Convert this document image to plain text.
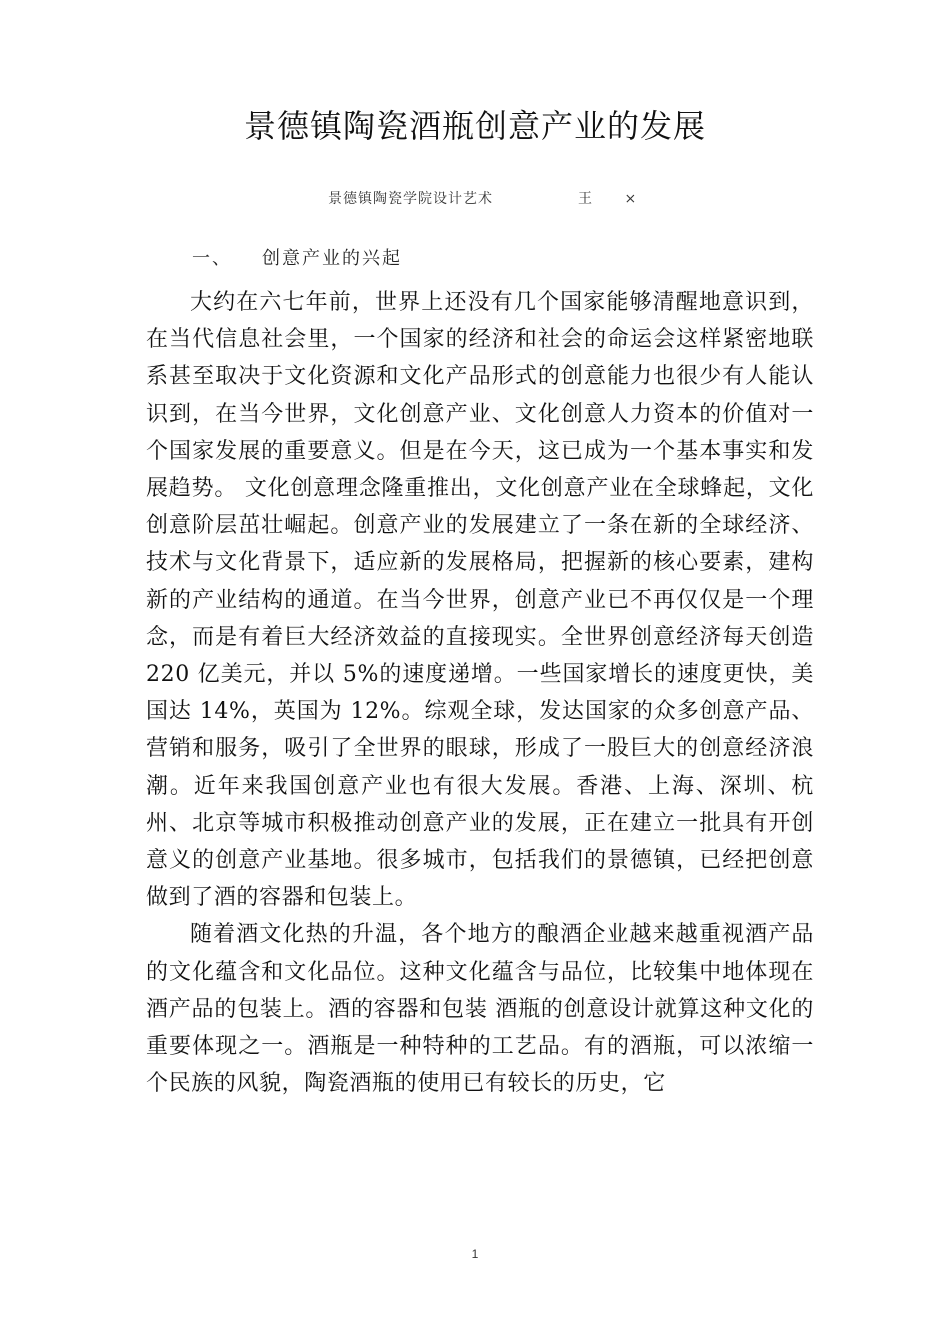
景德镇陶瓷酒瓶创意产业的发展
景德镇陶瓷学院设计艺术	王 ×
一、 创意产业的兴起

大约在六七年前，世界上还没有几个国家能够清醒地意识到，在当代信息社会里，一个国家的经济和社会的命运会这样紧密地联系甚至取决于文化资源和文化产品形式的创意能力也很少有人能认识到，在当今世界，文化创意产业、文化创意人力资本的价值对一个国家发展的重要意义。但是在今天，这已成为一个基本事实和发展趋势。 文化创意理念隆重推出，文化创意产业在全球蜂起，文化创意阶层茁壮崛起。创意产业的发展建立了一条在新的全球经济、技术与文化背景下，适应新的发展格局，把握新的核心要素，建构新的产业结构的通道。在当今世界，创意产业已不再仅仅是一个理念，而是有着巨大经济效益的直接现实。全世界创意经济每天创造 220 亿美元，并以 5%的速度递增。一些国家增长的速度更快，美国达 14%，英国为 12%。综观全球，发达国家的众多创意产品、营销和服务，吸引了全世界的眼球，形成了一股巨大的创意经济浪潮。近年来我国创意产业也有很大发展。香港、上海、深圳、杭州、北京等城市积极推动创意产业的发展，正在建立一批具有开创意义的创意产业基地。很多城市，包括我们的景德镇，已经把创意做到了酒的容器和包装上。

随着酒文化热的升温，各个地方的酿酒企业越来越重视酒产品的文化蕴含和文化品位。这种文化蕴含与品位，比较集中地体现在酒产品的包装上。酒的容器和包装 酒瓶的创意设计就算这种文化的重要体现之一。酒瓶是一种特种的工艺品。有的酒瓶，可以浓缩一个民族的风貌，陶瓷酒瓶的使用已有较长的历史，它

1
